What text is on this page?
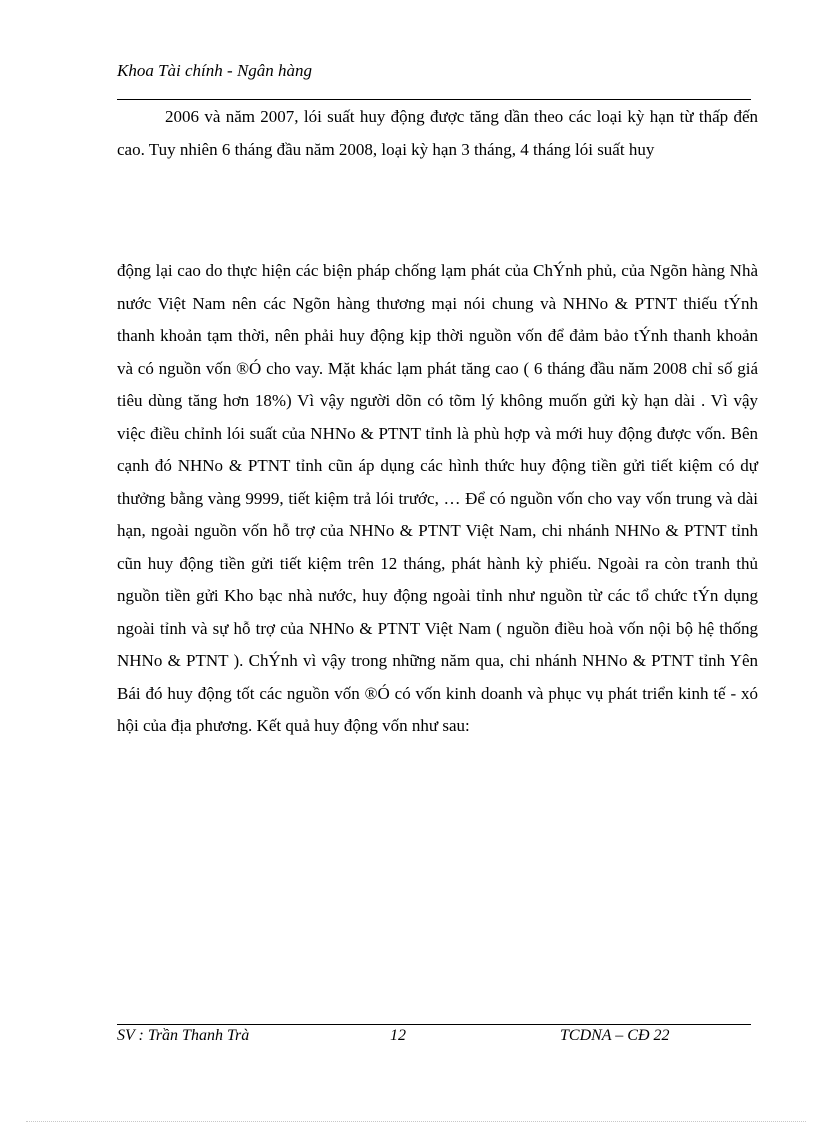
Khoa Tài chính - Ngân hàng

2006 và năm 2007, lói suất huy động được tăng dần theo các loại kỳ hạn từ thấp đến cao. Tuy nhiên 6 tháng đầu năm 2008, loại kỳ hạn 3 tháng, 4 tháng lói suất huy

động lại cao do thực hiện các biện pháp chống lạm phát của ChÝnh phủ, của Ngõn hàng Nhà nước Việt Nam nên các Ngõn hàng thương mại nói chung và NHNo & PTNT thiếu tÝnh thanh khoản tạm thời, nên phải huy động kịp thời nguồn vốn để đảm bảo tÝnh thanh khoản và có nguồn vốn ®Ó cho vay. Mặt khác lạm phát tăng cao ( 6 tháng đầu năm 2008 chỉ số giá tiêu dùng tăng hơn 18%) Vì vậy người dõn có tõm lý không muốn gửi kỳ hạn dài . Vì vậy việc điều chỉnh lói suất của NHNo & PTNT tỉnh là phù hợp và mới huy động được vốn. Bên cạnh đó NHNo & PTNT tỉnh cũn áp dụng các hình thức huy động tiền gửi tiết kiệm có dự thưởng bằng vàng 9999, tiết kiệm trả lói trước, … Để có nguồn vốn cho vay vốn trung và dài hạn, ngoài nguồn vốn hỗ trợ của NHNo & PTNT Việt Nam, chi nhánh NHNo & PTNT tỉnh cũn huy động tiền gửi tiết kiệm trên 12 tháng, phát hành kỳ phiếu. Ngoài ra còn tranh thủ nguồn tiền gửi Kho bạc nhà nước, huy động ngoài tỉnh như nguồn từ các tổ chức tÝn dụng ngoài tỉnh và sự hỗ trợ của NHNo & PTNT Việt Nam ( nguồn điều hoà vốn nội bộ hệ thống NHNo & PTNT ). ChÝnh vì vậy trong những năm qua, chi nhánh NHNo & PTNT tỉnh Yên Bái đó huy động tốt các nguồn vốn ®Ó có vốn kinh doanh và phục vụ phát triển kinh tế - xó hội của địa phương. Kết quả huy động vốn như sau:

SV : Trần Thanh Trà	12	TCDNA – CĐ 22
